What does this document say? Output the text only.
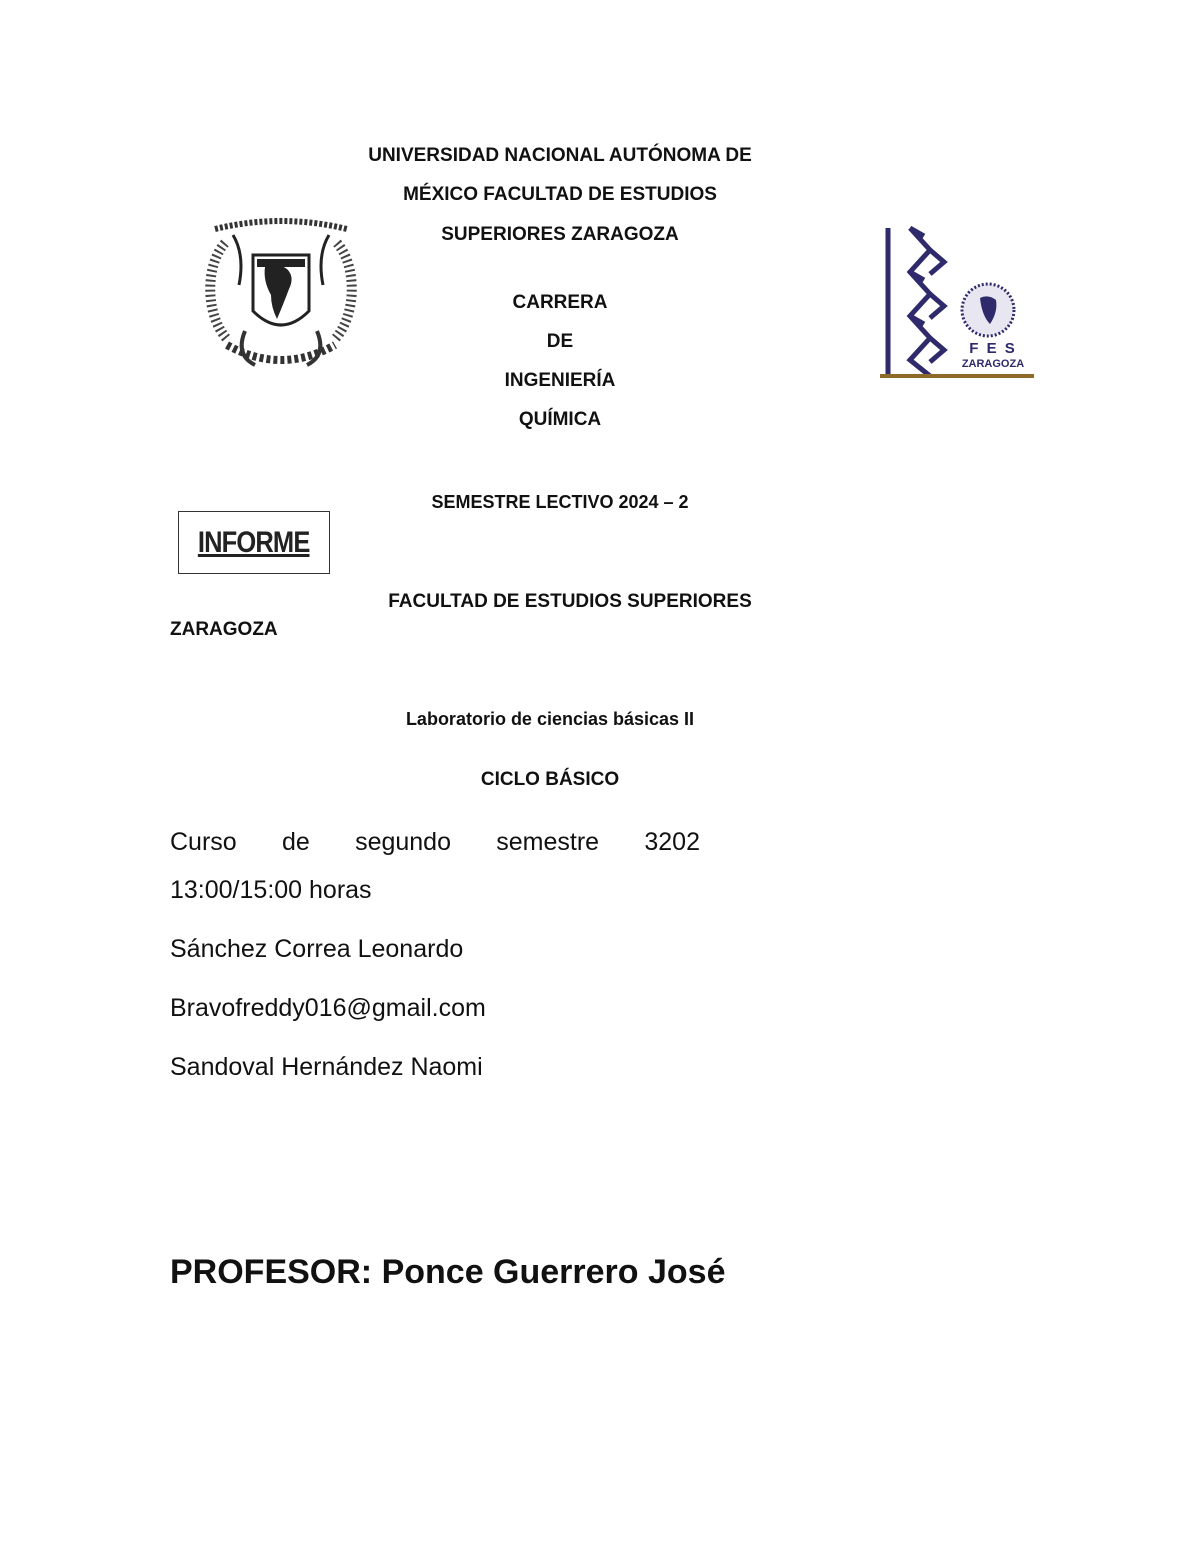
UNIVERSIDAD NACIONAL AUTÓNOMA DE
MÉXICO FACULTAD DE ESTUDIOS
SUPERIORES ZARAGOZA
F E S
ZARAGOZA
CARRERA
DE
INGENIERÍA
QUÍMICA
SEMESTRE LECTIVO 2024 – 2
INFORME
FACULTAD DE ESTUDIOS SUPERIORES
ZARAGOZA
Laboratorio de ciencias básicas II
CICLO BÁSICO
Curso de segundo semestre 3202
13:00/15:00 horas
Sánchez Correa Leonardo
Bravofreddy016@gmail.com
Sandoval Hernández Naomi
PROFESOR: Ponce Guerrero José
